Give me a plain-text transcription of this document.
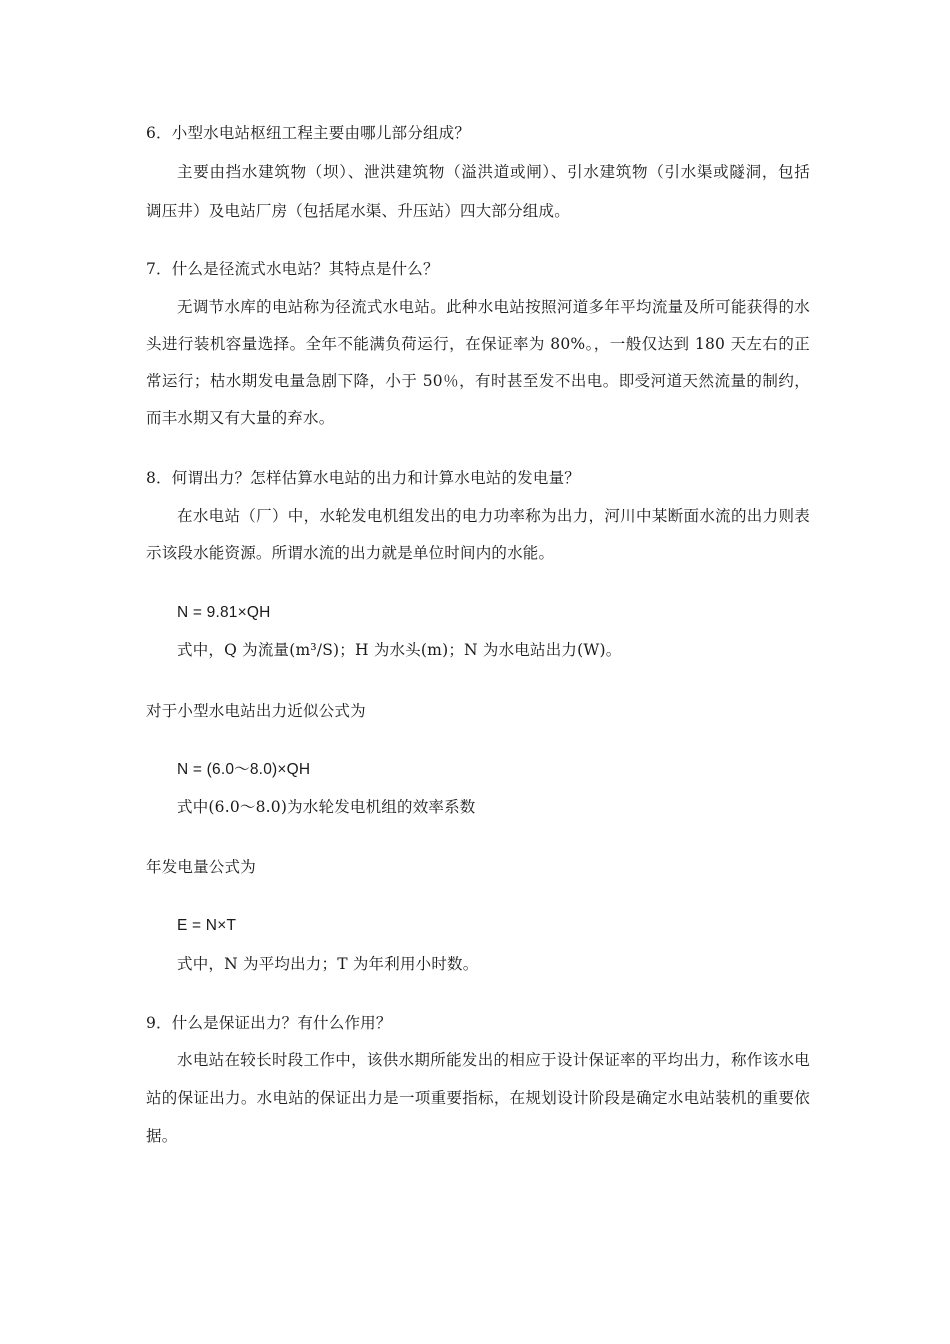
6．小型水电站枢纽工程主要由哪儿部分组成？
主要由挡水建筑物（坝）、泄洪建筑物（溢洪道或闸）、引水建筑物（引水渠或隧洞，包括
调压井）及电站厂房（包括尾水渠、升压站）四大部分组成。
7．什么是径流式水电站？其特点是什么？
无调节水库的电站称为径流式水电站。此种水电站按照河道多年平均流量及所可能获得的水
头进行装机容量选择。全年不能满负荷运行，在保证率为 80%。，一般仅达到 180 天左右的正
常运行；枯水期发电量急剧下降，小于 50％，有时甚至发不出电。即受河道天然流量的制约，
而丰水期又有大量的弃水。
8．何谓出力？怎样估算水电站的出力和计算水电站的发电量？
在水电站（厂）中，水轮发电机组发出的电力功率称为出力，河川中某断面水流的出力则表
示该段水能资源。所谓水流的出力就是单位时间内的水能。
N = 9.81×QH
式中，Q 为流量(m³/S)；H 为水头(m)；N 为水电站出力(W)。
对于小型水电站出力近似公式为
N = (6.0～8.0)×QH
式中(6.0～8.0)为水轮发电机组的效率系数
年发电量公式为
E = N×T
式中，N 为平均出力；T 为年利用小时数。
9．什么是保证出力？有什么作用？
水电站在较长时段工作中，该供水期所能发出的相应于设计保证率的平均出力，称作该水电
站的保证出力。水电站的保证出力是一项重要指标，在规划设计阶段是确定水电站装机的重要依
据。
